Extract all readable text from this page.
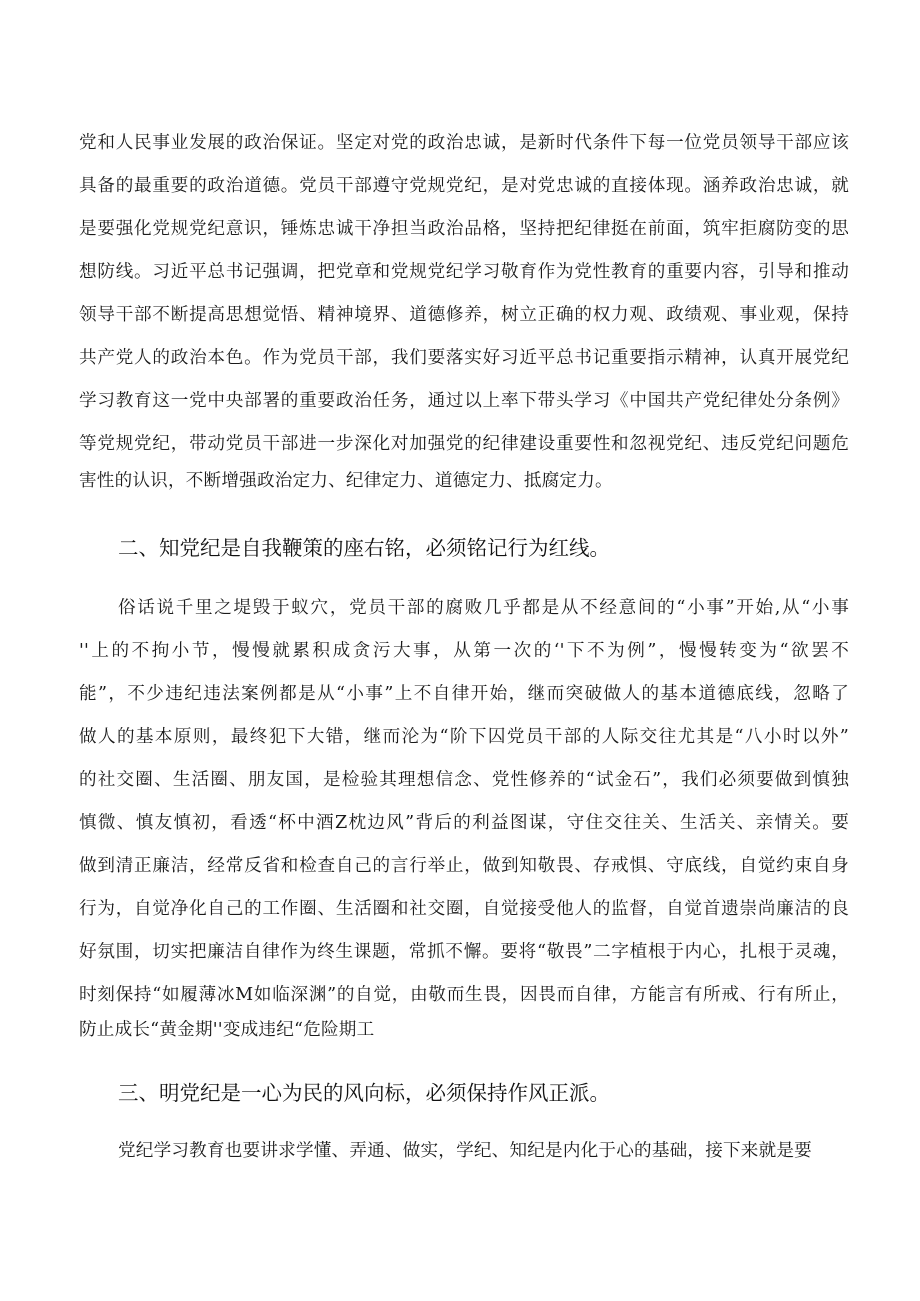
党和人民事业发展的政治保证。坚定对党的政治忠诚，是新时代条件下每一位党员领导干部应该
具备的最重要的政治道德。党员干部遵守党规党纪，是对党忠诚的直接体现。涵养政治忠诚，就
是要强化党规党纪意识，锤炼忠诚干净担当政治品格，坚持把纪律挺在前面，筑牢拒腐防变的思
想防线。习近平总书记强调，把党章和党规党纪学习敬育作为党性教育的重要内容，引导和推动
领导干部不断提高思想觉悟、精神境界、道德修养，树立正确的权力观、政绩观、事业观，保持
共产党人的政治本色。作为党员干部，我们要落实好习近平总书记重要指示精神，认真开展党纪
学习教育这一党中央部署的重要政治任务，通过以上率下带头学习《中国共产党纪律处分条例》
等党规党纪，带动党员干部进一步深化对加强党的纪律建设重要性和忽视党纪、违反党纪问题危
害性的认识，不断增强政治定力、纪律定力、道德定力、抵腐定力。
二、知党纪是自我鞭策的座右铭，必须铭记行为红线。
俗话说千里之堤毁于蚁穴，党员干部的腐败几乎都是从不经意间的“小事”开始,从“小事
''上的不拘小节，慢慢就累积成贪污大事，从第一次的‘'下不为例”，慢慢转变为“欲罢不
能”，不少违纪违法案例都是从“小事”上不自律开始，继而突破做人的基本道德底线，忽略了
做人的基本原则，最终犯下大错，继而沦为“阶下囚党员干部的人际交往尤其是“八小时以外”
的社交圈、生活圈、朋友国，是检验其理想信念、党性修养的“试金石”，我们必须要做到慎独
慎微、慎友慎初，看透“杯中酒Z枕边风”背后的利益图谋，守住交往关、生活关、亲情关。要
做到清正廉洁，经常反省和检查自己的言行举止，做到知敬畏、存戒惧、守底线，自觉约束自身
行为，自觉净化自己的工作圈、生活圈和社交圈，自觉接受他人的监督，自觉首遗崇尚廉洁的良
好氛围，切实把廉洁自律作为终生课题，常抓不懈。要将“敬畏”二字植根于内心，扎根于灵魂，
时刻保持“如履薄冰M如临深渊”的自觉，由敬而生畏，因畏而自律，方能言有所戒、行有所止，
防止成长“黄金期''变成违纪“危险期工
三、明党纪是一心为民的风向标，必须保持作风正派。
党纪学习教育也要讲求学懂、弄通、做实，学纪、知纪是内化于心的基础，接下来就是要
